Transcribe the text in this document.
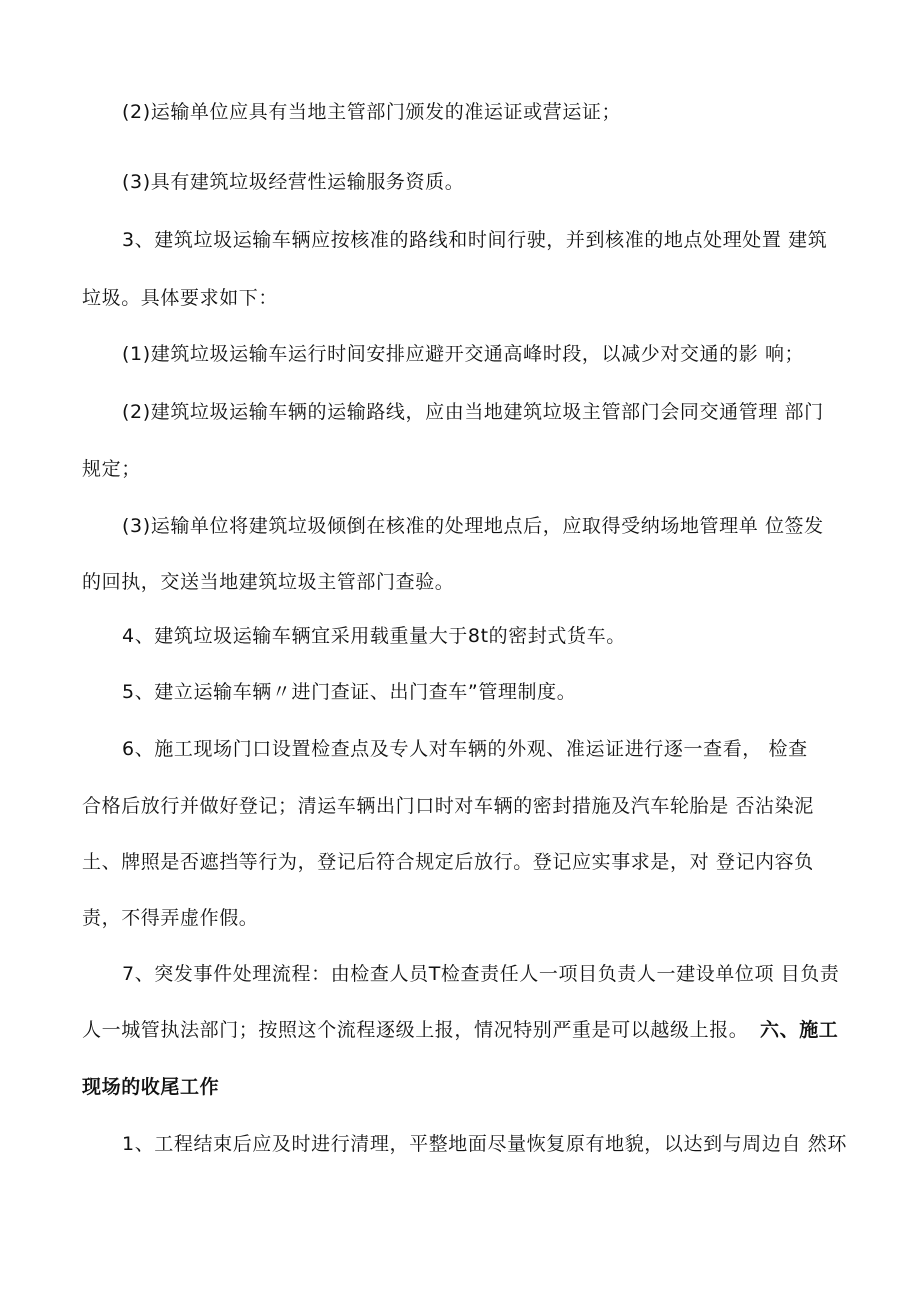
(2)运输单位应具有当地主管部门颁发的准运证或营运证；
(3)具有建筑垃圾经营性运输服务资质。
3、建筑垃圾运输车辆应按核准的路线和时间行驶，并到核准的地点处理处置 建筑
垃圾。具体要求如下：
(1)建筑垃圾运输车运行时间安排应避开交通高峰时段，以减少对交通的影 响；
(2)建筑垃圾运输车辆的运输路线，应由当地建筑垃圾主管部门会同交通管理 部门
规定；
(3)运输单位将建筑垃圾倾倒在核准的处理地点后，应取得受纳场地管理单 位签发
的回执，交送当地建筑垃圾主管部门查验。
4、建筑垃圾运输车辆宜采用载重量大于8t的密封式货车。
5、建立运输车辆〃进门查证、出门查车”管理制度。
6、施工现场门口设置检查点及专人对车辆的外观、准运证进行逐一查看， 检查
合格后放行并做好登记；清运车辆出门口时对车辆的密封措施及汽车轮胎是 否沾染泥
土、牌照是否遮挡等行为，登记后符合规定后放行。登记应实事求是，对 登记内容负
责，不得弄虚作假。
7、突发事件处理流程：由检查人员T检查责任人一项目负责人一建设单位项 目负责
人一城管执法部门；按照这个流程逐级上报，情况特别严重是可以越级上报。 六、施工
现场的收尾工作
1、工程结束后应及时进行清理，平整地面尽量恢复原有地貌，以达到与周边自 然环
